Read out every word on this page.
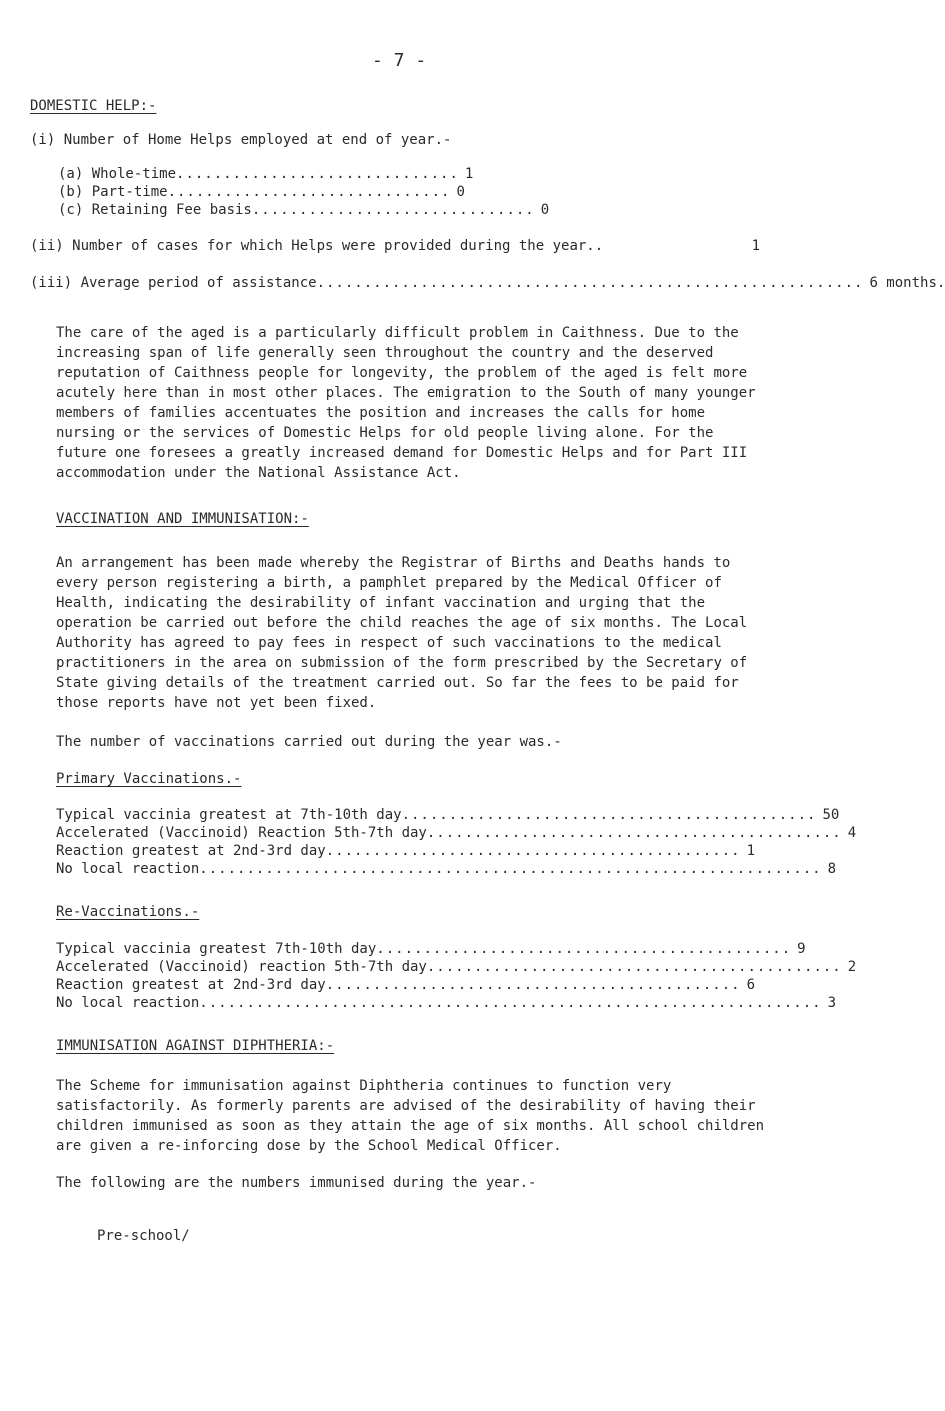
- 7 -
DOMESTIC HELP:-
(i) Number of Home Helps employed at end of year.-
(a) Whole-time .............................. 1
(b) Part-time .............................. 0
(c) Retaining Fee basis .............................. 0
(ii) Number of cases for which Helps were provided during the year..	1
(iii) Average period of assistance .......................................................... 6 months.
The care of the aged is a particularly difficult problem in Caithness. Due to the increasing span of life generally seen throughout the country and the deserved reputation of Caithness people for longevity, the problem of the aged is felt more acutely here than in most other places. The emigration to the South of many younger members of families accentuates the position and increases the calls for home nursing or the services of Domestic Helps for old people living alone. For the future one foresees a greatly increased demand for Domestic Helps and for Part III accommodation under the National Assistance Act.
VACCINATION AND IMMUNISATION:-
An arrangement has been made whereby the Registrar of Births and Deaths hands to every person registering a birth, a pamphlet prepared by the Medical Officer of Health, indicating the desirability of infant vaccination and urging that the operation be carried out before the child reaches the age of six months. The Local Authority has agreed to pay fees in respect of such vaccinations to the medical practitioners in the area on submission of the form prescribed by the Secretary of State giving details of the treatment carried out. So far the fees to be paid for those reports have not yet been fixed.
The number of vaccinations carried out during the year was.-
Primary Vaccinations.-
Typical vaccinia greatest at 7th-10th day ............................................ 50
Accelerated (Vaccinoid) Reaction 5th-7th day ............................................ 4
Reaction greatest at 2nd-3rd day ............................................ 1
No local reaction .................................................................. 8
Re-Vaccinations.-
Typical vaccinia greatest 7th-10th day ............................................ 9
Accelerated (Vaccinoid) reaction 5th-7th day ............................................ 2
Reaction greatest at 2nd-3rd day ............................................ 6
No local reaction .................................................................. 3
IMMUNISATION AGAINST DIPHTHERIA:-
The Scheme for immunisation against Diphtheria continues to function very satisfactorily. As formerly parents are advised of the desirability of having their children immunised as soon as they attain the age of six months. All school children are given a re-inforcing dose by the School Medical Officer.
The following are the numbers immunised during the year.-
Pre-school/
